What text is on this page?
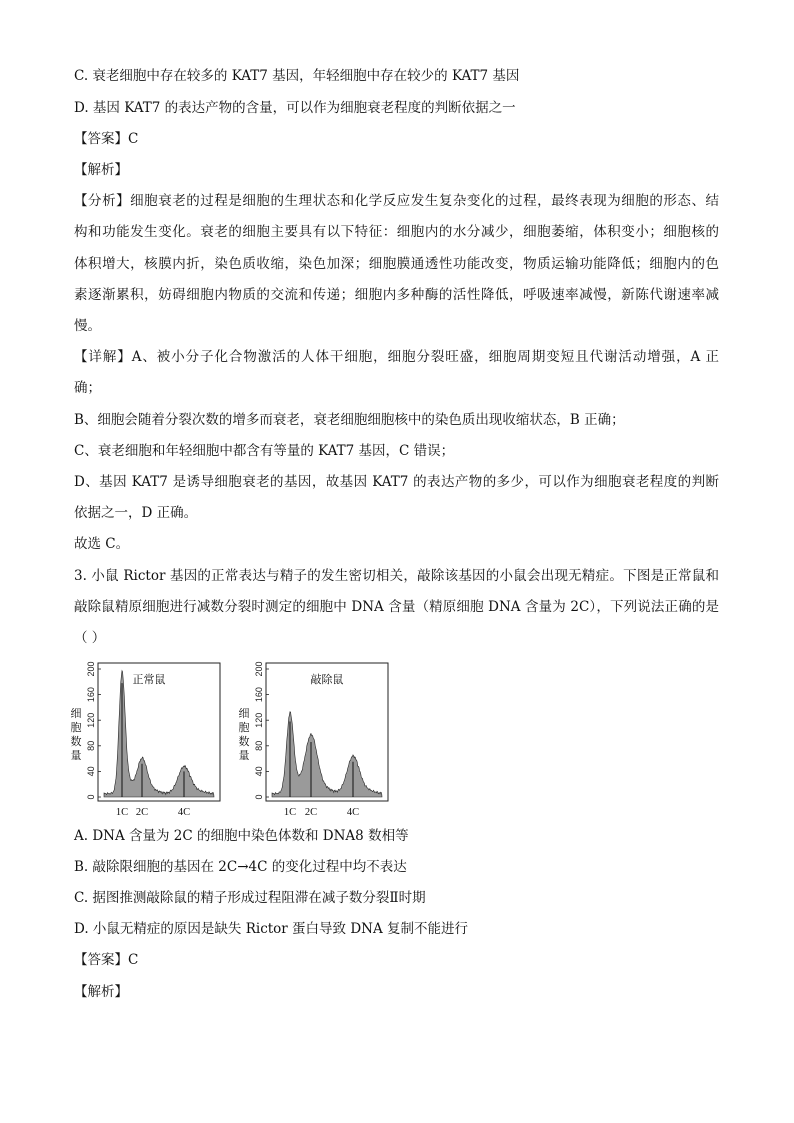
C. 衰老细胞中存在较多的 KAT7 基因，年轻细胞中存在较少的 KAT7 基因
D. 基因 KAT7 的表达产物的含量，可以作为细胞衰老程度的判断依据之一
【答案】C
【解析】
【分析】细胞衰老的过程是细胞的生理状态和化学反应发生复杂变化的过程，最终表现为细胞的形态、结
构和功能发生变化。衰老的细胞主要具有以下特征：细胞内的水分减少，细胞萎缩，体积变小；细胞核的
体积增大，核膜内折，染色质收缩，染色加深；细胞膜通透性功能改变，物质运输功能降低；细胞内的色
素逐渐累积，妨碍细胞内物质的交流和传递；细胞内多种酶的活性降低，呼吸速率减慢，新陈代谢速率减
慢。
【详解】A、被小分子化合物激活的人体干细胞，细胞分裂旺盛，细胞周期变短且代谢活动增强，A 正
确；
B、细胞会随着分裂次数的增多而衰老，衰老细胞细胞核中的染色质出现收缩状态，B 正确；
C、衰老细胞和年轻细胞中都含有等量的 KAT7 基因，C 错误；
D、基因 KAT7 是诱导细胞衰老的基因，故基因 KAT7 的表达产物的多少，可以作为细胞衰老程度的判断
依据之一，D 正确。
故选 C。
3. 小鼠 Rictor 基因的正常表达与精子的发生密切相关，敲除该基因的小鼠会出现无精症。下图是正常鼠和
敲除鼠精原细胞进行减数分裂时测定的细胞中 DNA 含量（精原细胞 DNA 含量为 2C），下列说法正确的是
（ ）
0
40
80
120
160
200
细
胞
数
量
正常鼠
1C 2C	4C
0
40
80
120
160
200
细
胞
数
量
敲除鼠
1C 2C	4C
A. DNA 含量为 2C 的细胞中染色体数和 DNA8 数相等
B. 敲除限细胞的基因在 2C→4C 的变化过程中均不表达
C. 据图推测敲除鼠的精子形成过程阻滞在减子数分裂Ⅱ时期
D. 小鼠无精症的原因是缺失 Rictor 蛋白导致 DNA 复制不能进行
【答案】C
【解析】
